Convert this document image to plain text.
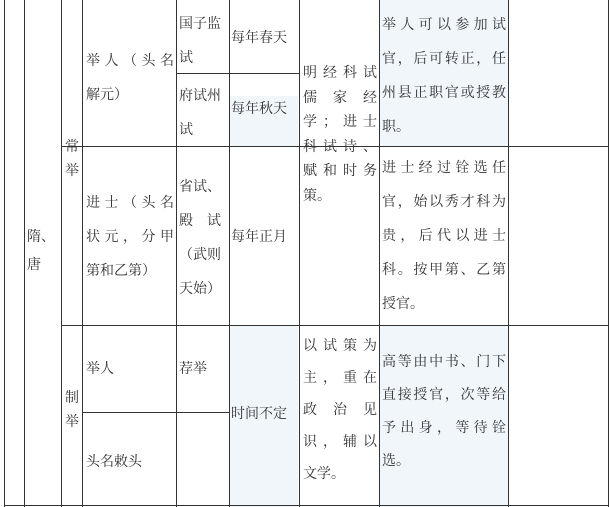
隋、
唐
常
举
制
举
举人（头名
解元）
国子监
试
府试州
试
每年春天
每年秋天
明经科试
儒家经
学；进士
科试诗、
赋和时务
策。
举人可以参加试
官，后可转正，任
州县正职官或授教
职。
进士（头名
状元，分甲
第和乙第）
省试、
殿　试
（武则
天始）
每年正月
进士经过铨选任
官，始以秀才科为
贵，后代以进士
科。按甲第、乙第
授官。
举人	荐举
头名敕头
时间不定
以试策为
主，重在
政治见
识，辅以
文学。
高等由中书、门下
直接授官，次等给
予出身，等待铨
选。
